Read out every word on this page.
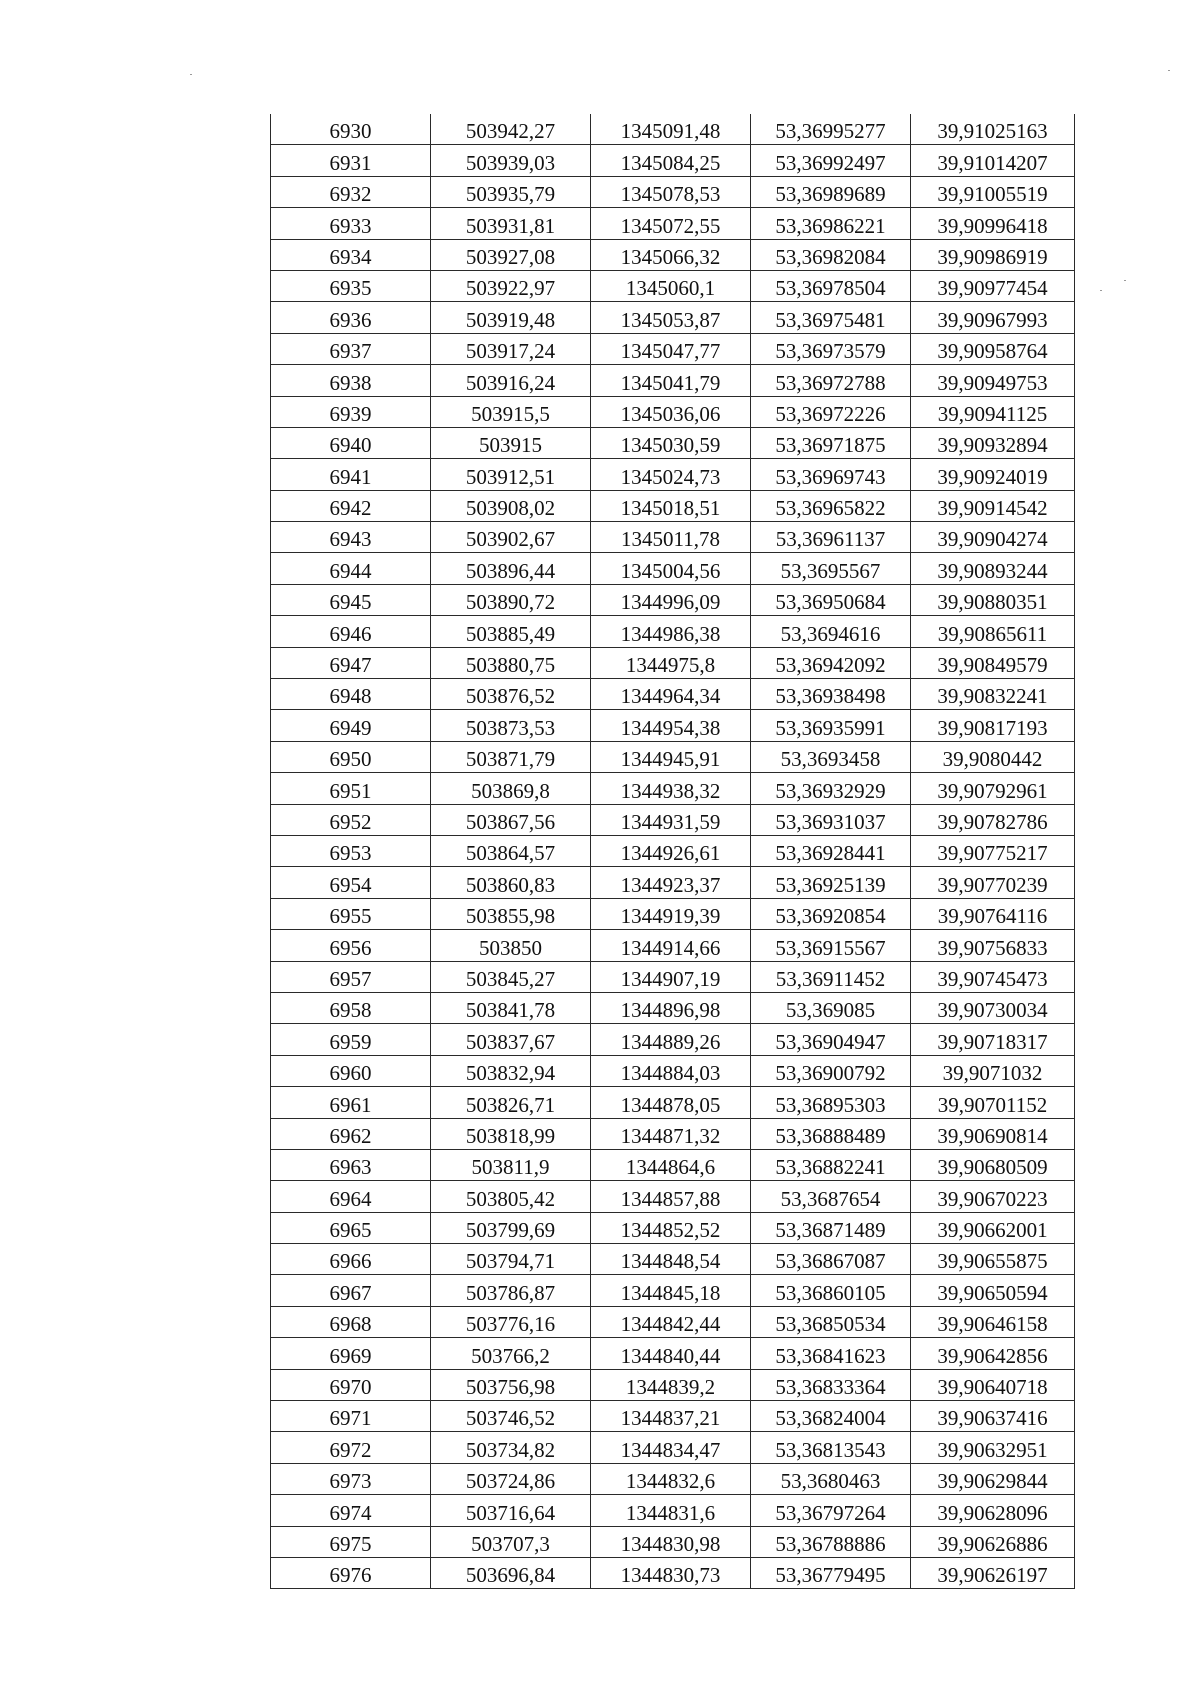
6930	503942,27	1345091,48	53,36995277	39,91025163
6931	503939,03	1345084,25	53,36992497	39,91014207
6932	503935,79	1345078,53	53,36989689	39,91005519
6933	503931,81	1345072,55	53,36986221	39,90996418
6934	503927,08	1345066,32	53,36982084	39,90986919
6935	503922,97	1345060,1	53,36978504	39,90977454
6936	503919,48	1345053,87	53,36975481	39,90967993
6937	503917,24	1345047,77	53,36973579	39,90958764
6938	503916,24	1345041,79	53,36972788	39,90949753
6939	503915,5	1345036,06	53,36972226	39,90941125
6940	503915	1345030,59	53,36971875	39,90932894
6941	503912,51	1345024,73	53,36969743	39,90924019
6942	503908,02	1345018,51	53,36965822	39,90914542
6943	503902,67	1345011,78	53,36961137	39,90904274
6944	503896,44	1345004,56	53,3695567	39,90893244
6945	503890,72	1344996,09	53,36950684	39,90880351
6946	503885,49	1344986,38	53,3694616	39,90865611
6947	503880,75	1344975,8	53,36942092	39,90849579
6948	503876,52	1344964,34	53,36938498	39,90832241
6949	503873,53	1344954,38	53,36935991	39,90817193
6950	503871,79	1344945,91	53,3693458	39,9080442
6951	503869,8	1344938,32	53,36932929	39,90792961
6952	503867,56	1344931,59	53,36931037	39,90782786
6953	503864,57	1344926,61	53,36928441	39,90775217
6954	503860,83	1344923,37	53,36925139	39,90770239
6955	503855,98	1344919,39	53,36920854	39,90764116
6956	503850	1344914,66	53,36915567	39,90756833
6957	503845,27	1344907,19	53,36911452	39,90745473
6958	503841,78	1344896,98	53,369085	39,90730034
6959	503837,67	1344889,26	53,36904947	39,90718317
6960	503832,94	1344884,03	53,36900792	39,9071032
6961	503826,71	1344878,05	53,36895303	39,90701152
6962	503818,99	1344871,32	53,36888489	39,90690814
6963	503811,9	1344864,6	53,36882241	39,90680509
6964	503805,42	1344857,88	53,3687654	39,90670223
6965	503799,69	1344852,52	53,36871489	39,90662001
6966	503794,71	1344848,54	53,36867087	39,90655875
6967	503786,87	1344845,18	53,36860105	39,90650594
6968	503776,16	1344842,44	53,36850534	39,90646158
6969	503766,2	1344840,44	53,36841623	39,90642856
6970	503756,98	1344839,2	53,36833364	39,90640718
6971	503746,52	1344837,21	53,36824004	39,90637416
6972	503734,82	1344834,47	53,36813543	39,90632951
6973	503724,86	1344832,6	53,3680463	39,90629844
6974	503716,64	1344831,6	53,36797264	39,90628096
6975	503707,3	1344830,98	53,36788886	39,90626886
6976	503696,84	1344830,73	53,36779495	39,90626197
